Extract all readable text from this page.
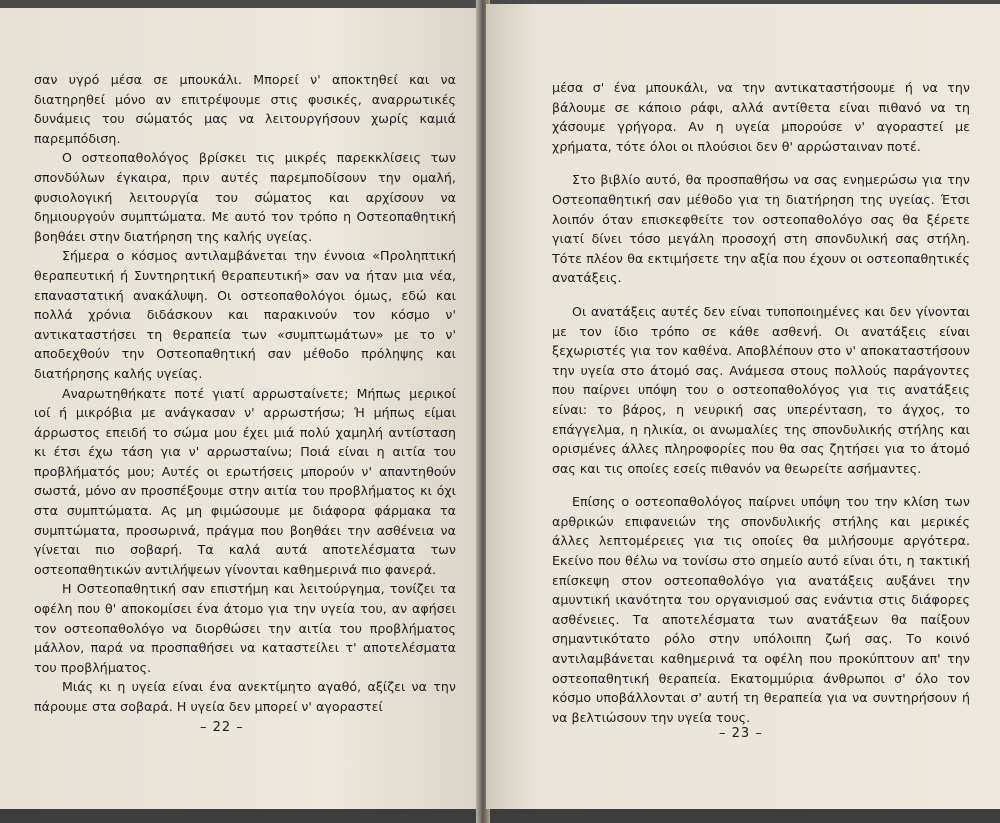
σαν υγρό μέσα σε μπουκάλι. Μπορεί ν' αποκτηθεί και να διατηρηθεί μόνο αν επιτρέψουμε στις φυσικές, αναρρωτικές δυνάμεις του σώματός μας να λειτουργήσουν χωρίς καμιά παρεμπόδιση.

Ο οστεοπαθολόγος βρίσκει τις μικρές παρεκκλίσεις των σπονδύλων έγκαιρα, πριν αυτές παρεμποδίσουν την ομαλή, φυσιολογική λειτουργία του σώματος και αρχίσουν να δημιουργούν συμπτώματα. Με αυτό τον τρόπο η Οστεοπαθητική βοηθάει στην διατήρηση της καλής υγείας.

Σήμερα ο κόσμος αντιλαμβάνεται την έννοια «Προληπτική θεραπευτική ή Συντηρητική θεραπευτική» σαν να ήταν μια νέα, επαναστατική ανακάλυψη. Οι οστεοπαθολόγοι όμως, εδώ και πολλά χρόνια διδάσκουν και παρακινούν τον κόσμο ν' αντικαταστήσει τη θεραπεία των «συμπτωμάτων» με το ν' αποδεχθούν την Οστεοπαθητική σαν μέθοδο πρόληψης και διατήρησης καλής υγείας.

Αναρωτηθήκατε ποτέ γιατί αρρωσταίνετε; Μήπως μερικοί ιοί ή μικρόβια με ανάγκασαν ν' αρρωστήσω; Ή μήπως είμαι άρρωστος επειδή το σώμα μου έχει μιά πολύ χαμηλή αντίσταση κι έτσι έχω τάση για ν' αρρωσταίνω; Ποιά είναι η αιτία του προβλήματός μου; Αυτές οι ερωτήσεις μπορούν ν' απαντηθούν σωστά, μόνο αν προσπέξουμε στην αιτία του προβλήματος κι όχι στα συμπτώματα. Ας μη φιμώσουμε με διάφορα φάρμακα τα συμπτώματα, προσωρινά, πράγμα που βοηθάει την ασθένεια να γίνεται πιο σοβαρή. Τα καλά αυτά αποτελέσματα των οστεοπαθητικών αντιλήψεων γίνονται καθημερινά πιο φανερά.

Η Οστεοπαθητική σαν επιστήμη και λειτούργημα, τονίζει τα οφέλη που θ' αποκομίσει ένα άτομο για την υγεία του, αν αφήσει τον οστεοπαθολόγο να διορθώσει την αιτία του προβλήματος μάλλον, παρά να προσπαθήσει να καταστείλει τ' αποτελέσματα του προβλήματος.

Μιάς κι η υγεία είναι ένα ανεκτίμητο αγαθό, αξίζει να την πάρουμε στα σοβαρά. Η υγεία δεν μπορεί ν' αγοραστεί

– 22 –

μέσα σ' ένα μπουκάλι, να την αντικαταστήσουμε ή να την βάλουμε σε κάποιο ράφι, αλλά αντίθετα είναι πιθανό να τη χάσουμε γρήγορα. Αν η υγεία μπορούσε ν' αγοραστεί με χρήματα, τότε όλοι οι πλούσιοι δεν θ' αρρώσταιναν ποτέ.

Στο βιβλίο αυτό, θα προσπαθήσω να σας ενημερώσω για την Οστεοπαθητική σαν μέθοδο για τη διατήρηση της υγείας. Έτσι λοιπόν όταν επισκεφθείτε τον οστεοπαθολόγο σας θα ξέρετε γιατί δίνει τόσο μεγάλη προσοχή στη σπονδυλική σας στήλη. Τότε πλέον θα εκτιμήσετε την αξία που έχουν οι οστεοπαθητικές ανατάξεις.

Οι ανατάξεις αυτές δεν είναι τυποποιημένες και δεν γίνονται με τον ίδιο τρόπο σε κάθε ασθενή. Οι ανατάξεις είναι ξεχωριστές για τον καθένα. Αποβλέπουν στο ν' αποκαταστήσουν την υγεία στο άτομό σας. Ανάμεσα στους πολλούς παράγοντες που παίρνει υπόψη του ο οστεοπαθολόγος για τις ανατάξεις είναι: το βάρος, η νευρική σας υπερένταση, το άγχος, το επάγγελμα, η ηλικία, οι ανωμαλίες της σπονδυλικής στήλης και ορισμένες άλλες πληροφορίες που θα σας ζητήσει για το άτομό σας και τις οποίες εσείς πιθανόν να θεωρείτε ασήμαντες.

Επίσης ο οστεοπαθολόγος παίρνει υπόψη του την κλίση των αρθρικών επιφανειών της σπονδυλικής στήλης και μερικές άλλες λεπτομέρειες για τις οποίες θα μιλήσουμε αργότερα. Εκείνο που θέλω να τονίσω στο σημείο αυτό είναι ότι, η τακτική επίσκεψη στον οστεοπαθολόγο για ανατάξεις αυξάνει την αμυντική ικανότητα του οργανισμού σας ενάντια στις διάφορες ασθένειες. Τα αποτελέσματα των ανατάξεων θα παίξουν σημαντικότατο ρόλο στην υπόλοιπη ζωή σας. Το κοινό αντιλαμβάνεται καθημερινά τα οφέλη που προκύπτουν απ' την οστεοπαθητική θεραπεία. Εκατομμύρια άνθρωποι σ' όλο τον κόσμο υποβάλλονται σ' αυτή τη θεραπεία για να συντηρήσουν ή να βελτιώσουν την υγεία τους.

– 23 –
